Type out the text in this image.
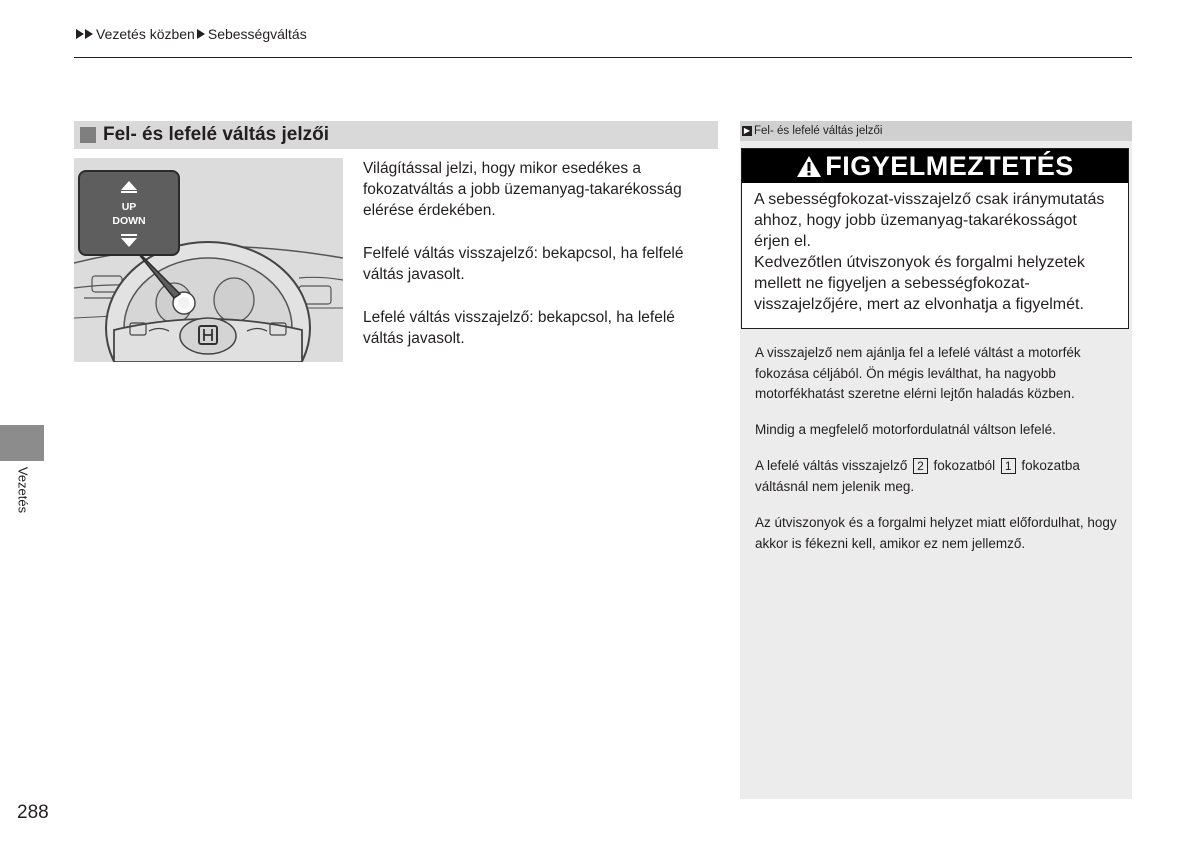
Vezetés közben Sebességváltás
Fel- és lefelé váltás jelzői
UP
DOWN

Világítással jelzi, hogy mikor esedékes a fokozatváltás a jobb üzemanyag-takarékosság elérése érdekében.

Felfelé váltás visszajelző: bekapcsol, ha felfelé váltás javasolt.

Lefelé váltás visszajelző: bekapcsol, ha lefelé váltás javasolt.

▶ Fel- és lefelé váltás jelzői
FIGYELMEZTETÉS

A sebességfokozat-visszajelző csak iránymutatás ahhoz, hogy jobb üzemanyag-takarékosságot érjen el.

Kedvezőtlen útviszonyok és forgalmi helyzetek mellett ne figyeljen a sebességfokozat-visszajelzőjére, mert az elvonhatja a figyelmét.

A visszajelző nem ajánlja fel a lefelé váltást a motorfék fokozása céljából. Ön mégis leválthat, ha nagyobb motorfékhatást szeretne elérni lejtőn haladás közben.

Mindig a megfelelő motorfordulatnál váltson lefelé.

A lefelé váltás visszajelző 2 fokozatból 1 fokozatba váltásnál nem jelenik meg.

Az útviszonyok és a forgalmi helyzet miatt előfordulhat, hogy akkor is fékezni kell, amikor ez nem jellemző.

Vezetés
288
